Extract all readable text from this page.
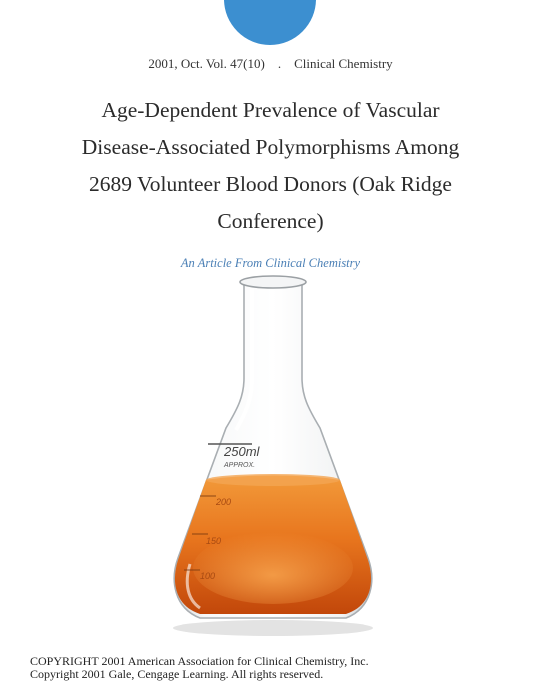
2001, Oct. Vol. 47(10) . Clinical Chemistry
Age-Dependent Prevalence of Vascular
Disease-Associated Polymorphisms Among
2689 Volunteer Blood Donors (Oak Ridge
Conference)
An Article From Clinical Chemistry
250ml
APPROX.
200
150
100
COPYRIGHT 2001 American Association for Clinical Chemistry, Inc.
Copyright 2001 Gale, Cengage Learning. All rights reserved.
